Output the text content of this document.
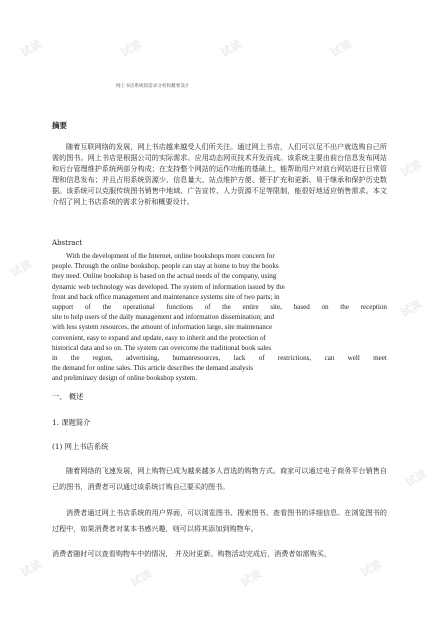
试读	试读	试读	试读
试读
试读
试读
试读	试读	试读	试读
试读
网上书店系统的需求分析和概要设计
摘要

随着互联网络的发展，网上书店越来越受人们所关注。通过网上书店，人们可以足不出户就选购自己所需的图书。网上书店是根据公司的实际需求、应用动态网页技术开发而成。该系统主要由前台信息发布网站和后台管理维护系统两部分构成；在支持整个网站的运作功能的基础上，能帮助用户对前台网站进行日常管理和信息发布；并且占用系统资源少、信息量大、站点维护方便、便于扩充和更新、易于继承和保护历史数据。该系统可以克服传统图书销售中地域、广告宣传、人力资源不足等限制，能很好地适应销售需求。本文介绍了网上书店系统的需求分析和概要设计。

Abstract
With the development of the Internet, online bookshops more concern for
people. Through the online bookshop, people can stay at home to buy the books
they need. Online bookshop is based on the actual needs of the company, using
dynamic web technology was developed. The system of information issued by the
front and back office management and maintenance systems site of two parts; in
support of the operational functions of the entire site, based on the reception
site to help users of the daily management and information dissemination; and
with less system resources, the amount of information large, site maintenance
convenient, easy to expand and update, easy to inherit and the protection of
historical data and so on. The system can overcome the traditional book sales
in the region, advertising, humanresources, lack of restrictions, can well meet
the demand for online sales. This article describes the demand analysis
and preliminary design of online bookshop system.
一、 概述
1. 课题简介
(1) 网上书店系统

随着网络的飞速发展，网上购物已成为越来越多人首选的购物方式。商家可以通过电子商务平台销售自己的图书，消费者可以通过该系统订购自己要买的图书。

消费者通过网上书店系统的用户界面，可以浏览图书、搜索图书、查看图书的详细信息。在浏览图书的过程中，如果消费者对某本书感兴趣，则可以将其添加到购物车。

消费者随时可以查看购物车中的情况， 并及时更新。购物活动完成后，消费者如需购买，
